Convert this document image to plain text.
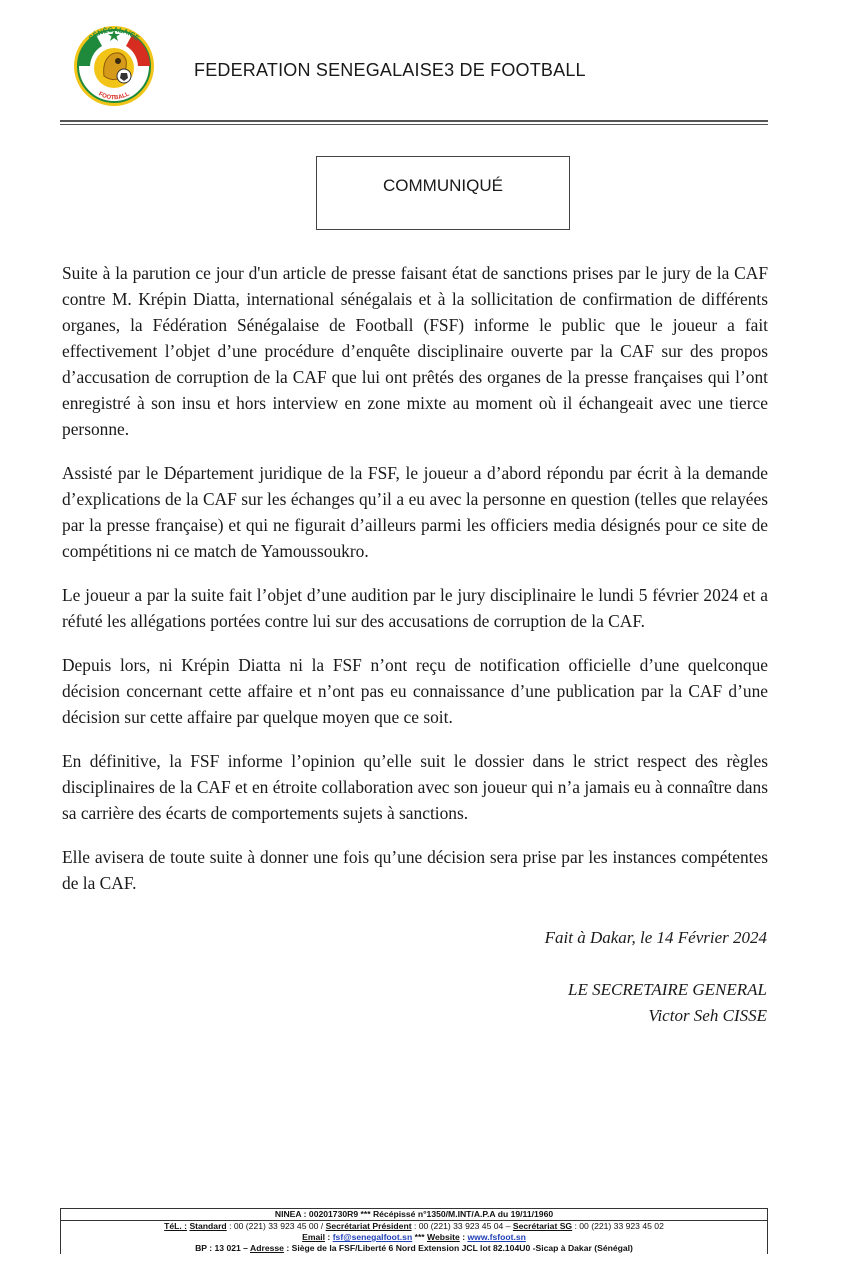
SÉNÉGALAISE
FOOTBALL
FEDERATION SENEGALAISE3 DE FOOTBALL
COMMUNIQUÉ

Suite à la parution ce jour d'un article de presse faisant état de sanctions prises par le jury de la CAF contre M. Krépin Diatta, international sénégalais et à la sollicitation de confirmation de différents organes, la Fédération Sénégalaise de Football (FSF) informe le public que le joueur a fait effectivement l’objet d’une procédure d’enquête disciplinaire ouverte par la CAF sur des propos d’accusation de corruption de la CAF que lui ont prêtés des organes de la presse françaises qui l’ont enregistré à son insu et hors interview en zone mixte au moment où il échangeait avec une tierce personne.

Assisté par le Département juridique de la FSF, le joueur a d’abord répondu par écrit à la demande d’explications de la CAF sur les échanges qu’il a eu avec la personne en question (telles que relayées par la presse française) et qui ne figurait d’ailleurs parmi les officiers media désignés pour ce site de compétitions ni ce match de Yamoussoukro.

Le joueur a par la suite fait l’objet d’une audition par le jury disciplinaire le lundi 5 février 2024 et a réfuté les allégations portées contre lui sur des accusations de corruption de la CAF.

Depuis lors, ni Krépin Diatta ni la FSF n’ont reçu de notification officielle d’une quelconque décision concernant cette affaire et n’ont pas eu connaissance d’une publication par la CAF d’une décision sur cette affaire par quelque moyen que ce soit.

En définitive, la FSF informe l’opinion qu’elle suit le dossier dans le strict respect des règles disciplinaires de la CAF et en étroite collaboration avec son joueur qui n’a jamais eu à connaître dans sa carrière des écarts de comportements sujets à sanctions.

Elle avisera de toute suite à donner une fois qu’une décision sera prise par les instances compétentes de la CAF.

Fait à Dakar, le 14 Février 2024
LE SECRETAIRE GENERAL
Victor Seh CISSE
NINEA : 00201730R9 *** Récépissé n°1350/M.INT/A.P.A du 19/11/1960
TéL. : Standard : 00 (221) 33 923 45 00 / Secrétariat Président : 00 (221) 33 923 45 04 – Secrétariat SG : 00 (221) 33 923 45 02
Email : fsf@senegalfoot.sn *** Website : www.fsfoot.sn
BP : 13 021 – Adresse : Siège de la FSF/Liberté 6 Nord Extension JCL lot 82.104U0 -Sicap à Dakar (Sénégal)
